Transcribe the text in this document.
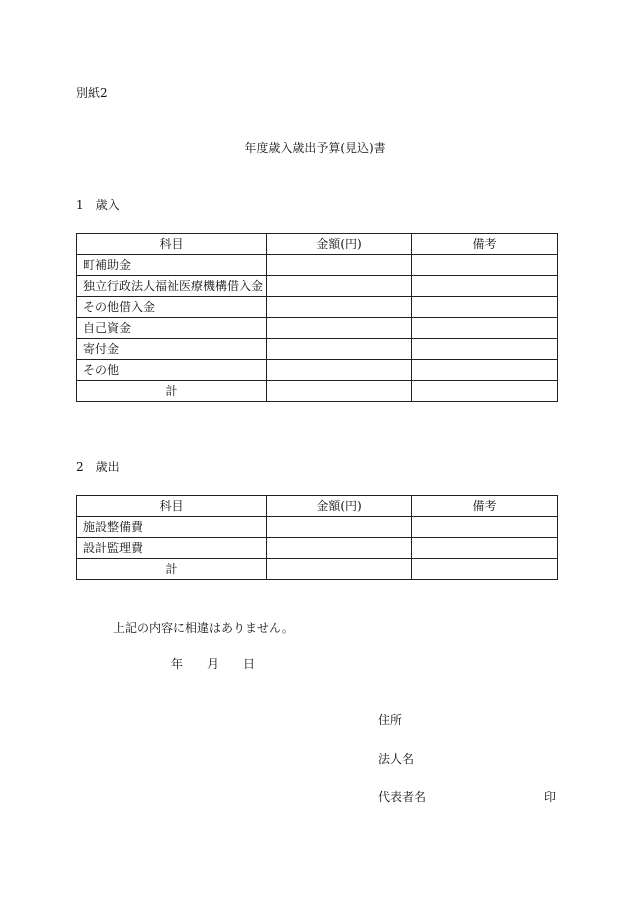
別紙2
年度歳入歳出予算(見込)書
1　歳入
科目	金額(円)	備考
町補助金		
独立行政法人福祉医療機構借入金		
その他借入金		
自己資金		
寄付金		
その他		
計		
2　歳出
科目	金額(円)	備考
施設整備費		
設計監理費		
計		
上記の内容に相違はありません。
年 月 日
住所
法人名
代表者名	印
